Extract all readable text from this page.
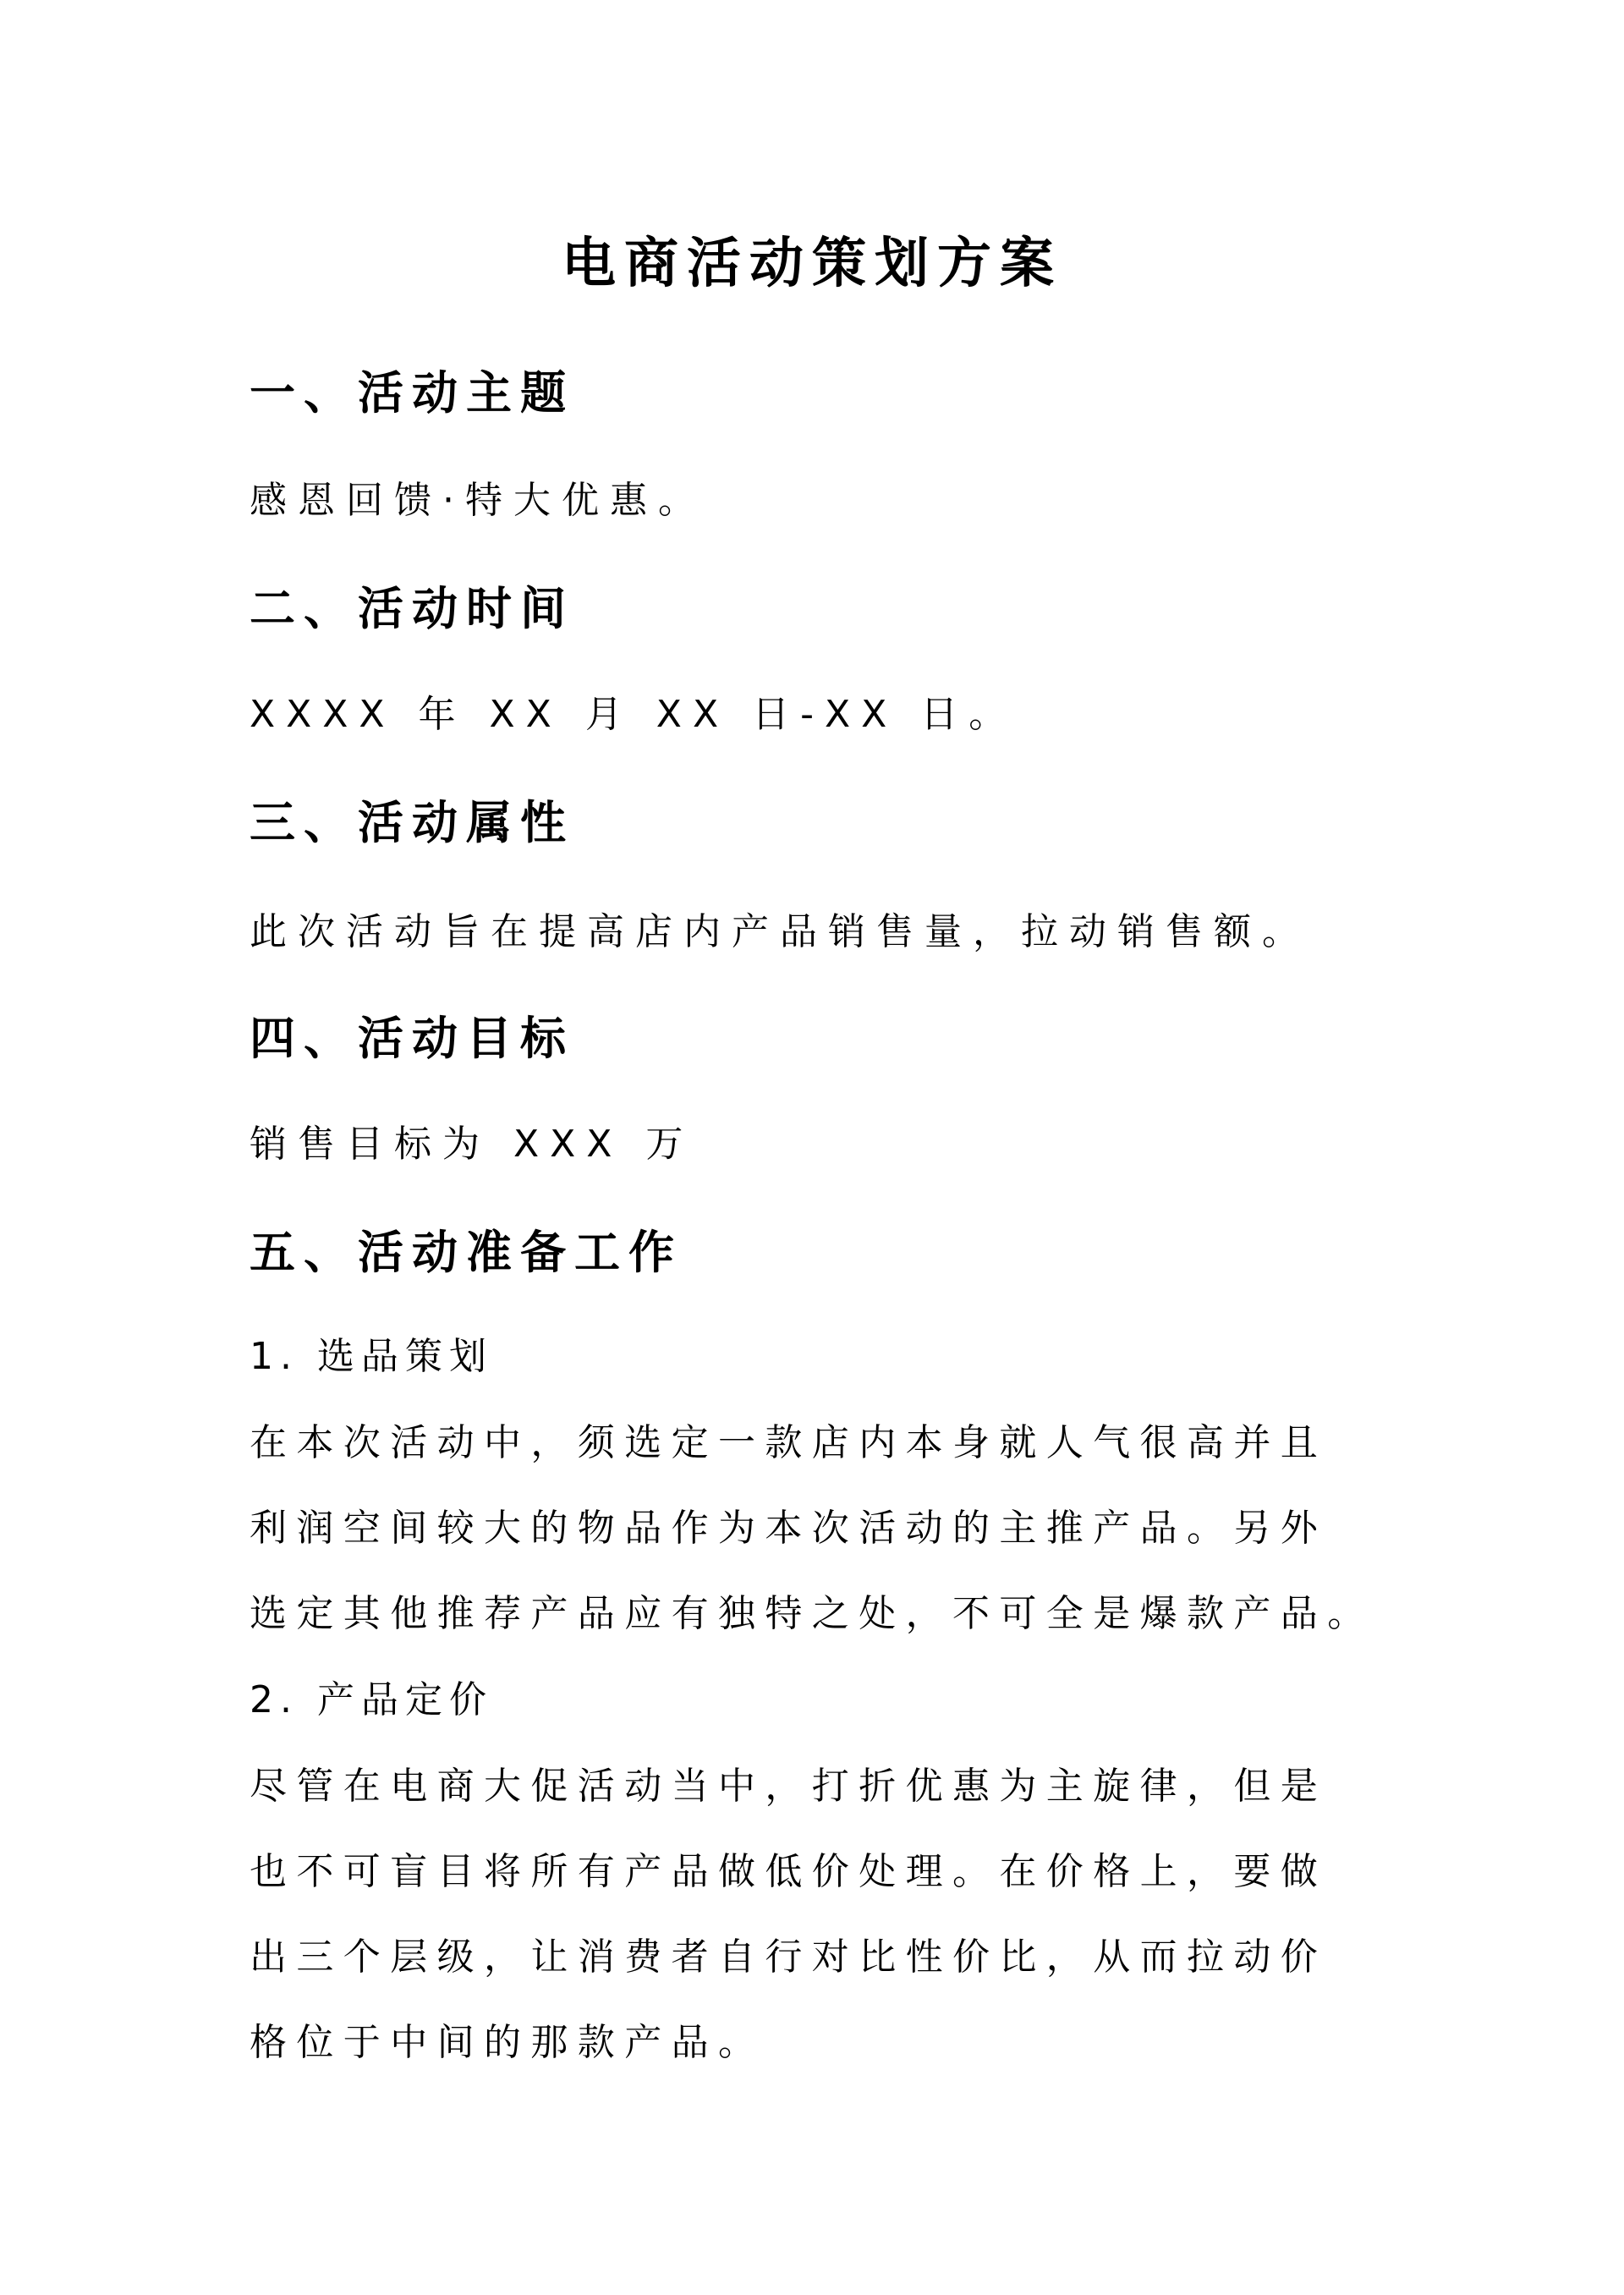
电商活动策划方案
一、活动主题

感恩回馈·特大优惠。

二、活动时间

XXXX 年 XX 月 XX 日-XX 日。

三、活动属性

此次活动旨在提高店内产品销售量，拉动销售额。

四、活动目标

销售目标为 XXX 万

五、活动准备工作

1. 选品策划

在本次活动中，须选定一款店内本身就人气很高并且
利润空间较大的物品作为本次活动的主推产品。另外
选定其他推荐产品应有独特之处，不可全是爆款产品。

2. 产品定价

尽管在电商大促活动当中，打折优惠为主旋律，但是
也不可盲目将所有产品做低价处理。在价格上，要做
出三个层级，让消费者自行对比性价比，从而拉动价
格位于中间的那款产品。
